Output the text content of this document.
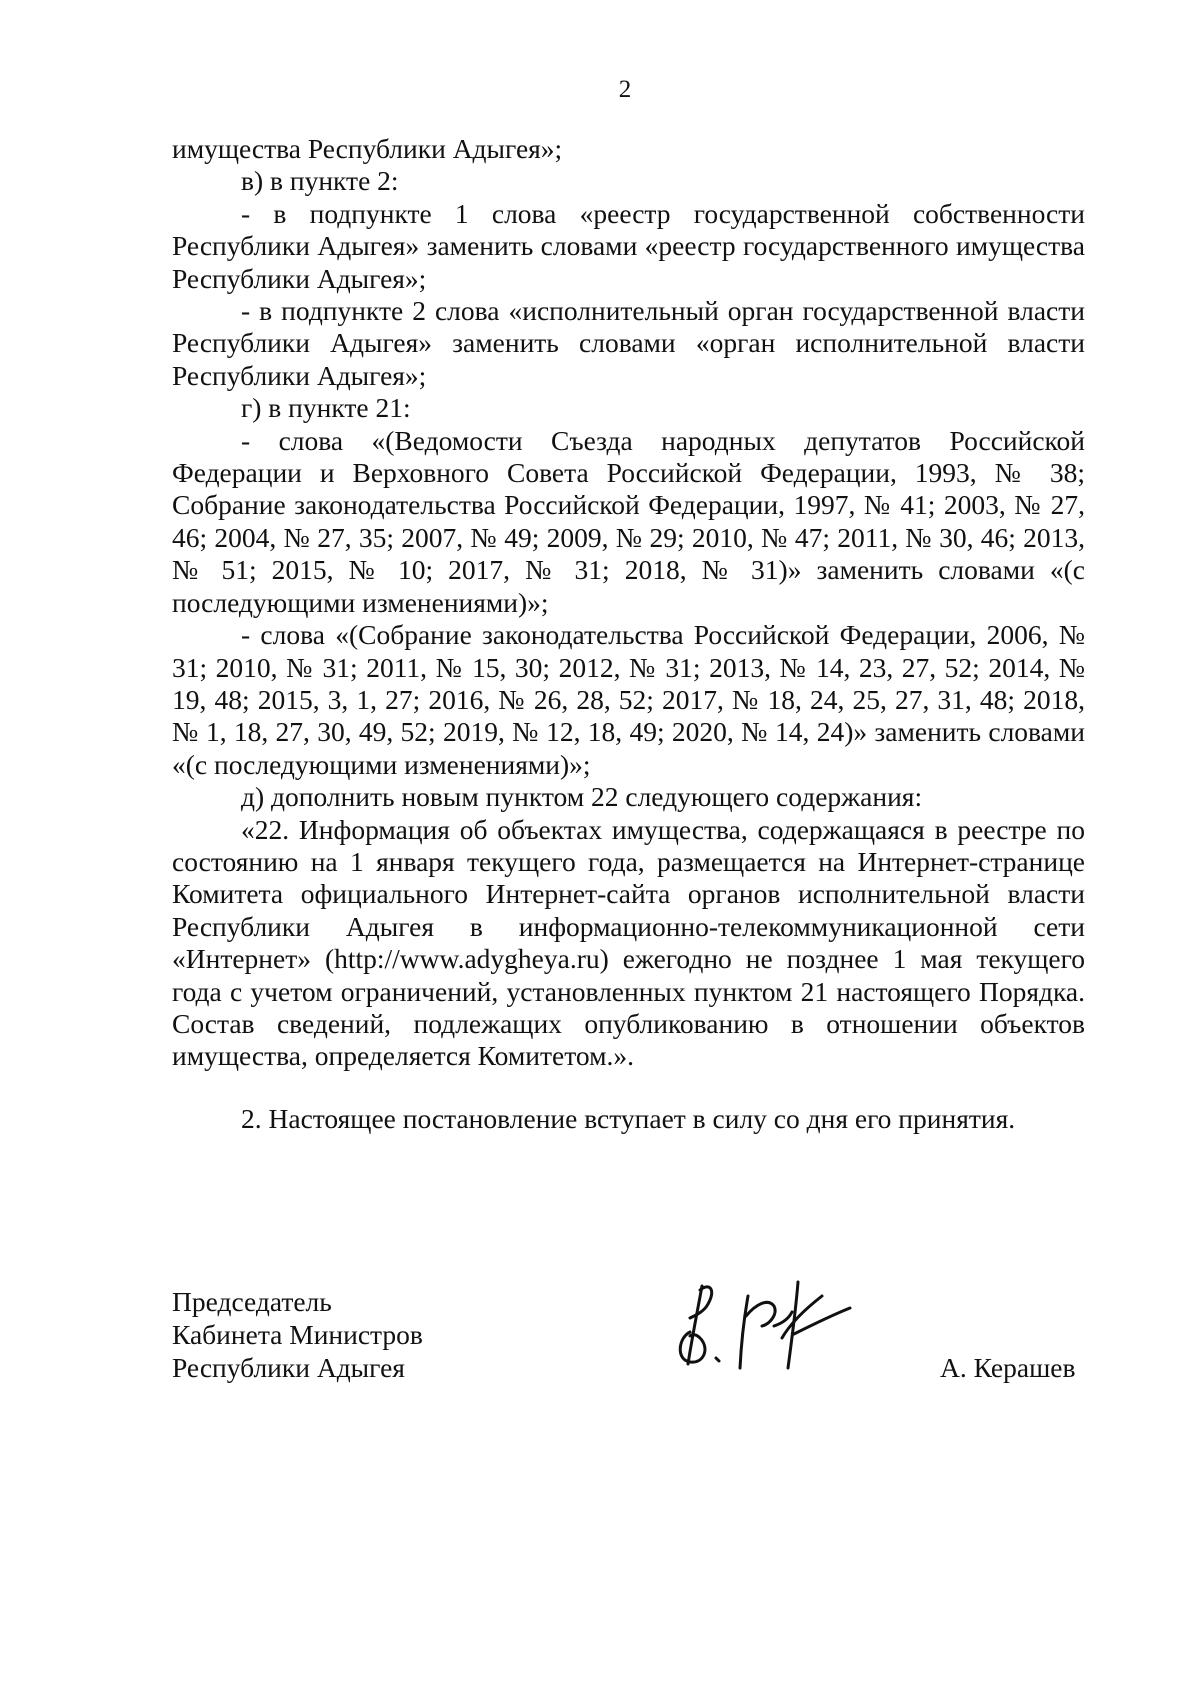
2

имущества Республики Адыгея»;

в) в пункте 2:

- в подпункте 1 слова «реестр государственной собственности Республики Адыгея» заменить словами «реестр государственного имущества Республики Адыгея»;

- в подпункте 2 слова «исполнительный орган государственной власти Республики Адыгея» заменить словами «орган исполнительной власти Республики Адыгея»;

г) в пункте 21:

- слова «(Ведомости Съезда народных депутатов Российской Федерации и Верховного Совета Российской Федерации, 1993, № 38; Собрание законодательства Российской Федерации, 1997, № 41; 2003, № 27, 46; 2004, № 27, 35; 2007, № 49; 2009, № 29; 2010, № 47; 2011, № 30, 46; 2013, № 51; 2015, № 10; 2017, № 31; 2018, № 31)» заменить словами «(с последующими изменениями)»;

- слова «(Собрание законодательства Российской Федерации, 2006, № 31; 2010, № 31; 2011, № 15, 30; 2012, № 31; 2013, № 14, 23, 27, 52; 2014, № 19, 48; 2015, 3, 1, 27; 2016, № 26, 28, 52; 2017, № 18, 24, 25, 27, 31, 48; 2018, № 1, 18, 27, 30, 49, 52; 2019, № 12, 18, 49; 2020, № 14, 24)» заменить словами «(с последующими изменениями)»;

д) дополнить новым пунктом 22 следующего содержания:

«22. Информация об объектах имущества, содержащаяся в реестре по состоянию на 1 января текущего года, размещается на Интернет-странице Комитета официального Интернет-сайта органов исполнительной власти Республики Адыгея в информационно-телекоммуникационной сети «Интернет» (http://www.adygheya.ru) ежегодно не позднее 1 мая текущего года с учетом ограничений, установленных пунктом 21 настоящего Порядка. Состав сведений, подлежащих опубликованию в отношении объектов имущества, определяется Комитетом.».

2. Настоящее постановление вступает в силу со дня его принятия.

Председатель
Кабинета Министров
Республики Адыгея	А. Керашев
